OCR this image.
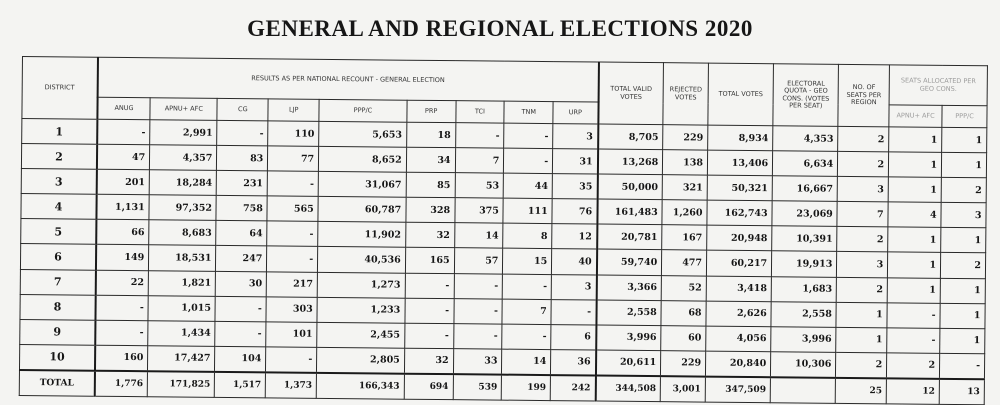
GENERAL AND REGIONAL ELECTIONS 2020
DISTRICT	RESULTS AS PER NATIONAL RECOUNT - GENERAL ELECTION									TOTAL VALID VOTES	REJECTED VOTES	TOTAL VOTES	ELECTORAL QUOTA - GEO CONS. (VOTES PER SEAT)	NO. OF SEATS PER REGION	SEATS ALLOCATED PER GEO CONS.	
	ANUG	APNU+ AFC	CG	LJP	PPP/C	PRP	TCI	TNM	URP						APNU+ AFC	PPP/C
1	-	2,991	-	110	5,653	18	-	-	3	8,705	229	8,934	4,353	2	1	1
2	47	4,357	83	77	8,652	34	7	-	31	13,268	138	13,406	6,634	2	1	1
3	201	18,284	231	-	31,067	85	53	44	35	50,000	321	50,321	16,667	3	1	2
4	1,131	97,352	758	565	60,787	328	375	111	76	161,483	1,260	162,743	23,069	7	4	3
5	66	8,683	64	-	11,902	32	14	8	12	20,781	167	20,948	10,391	2	1	1
6	149	18,531	247	-	40,536	165	57	15	40	59,740	477	60,217	19,913	3	1	2
7	22	1,821	30	217	1,273	-	-	-	3	3,366	52	3,418	1,683	2	1	1
8	-	1,015	-	303	1,233	-	-	7	-	2,558	68	2,626	2,558	1	-	1
9	-	1,434	-	101	2,455	-	-	-	6	3,996	60	4,056	3,996	1	-	1
10	160	17,427	104	-	2,805	32	33	14	36	20,611	229	20,840	10,306	2	2	-
TOTAL	1,776	171,825	1,517	1,373	166,343	694	539	199	242	344,508	3,001	347,509		25	12	13
